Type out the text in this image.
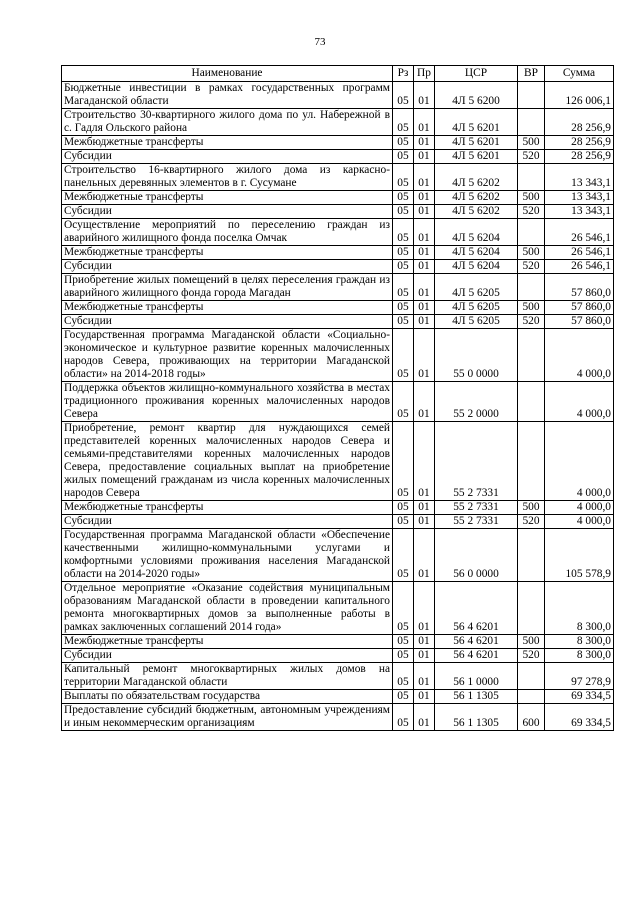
73
Наименование	Рз	Пр	ЦСР	ВР	Сумма
Бюджетные инвестиции в рамках государственных программ Магаданской области	05	01	4Л 5 6200		126 006,1
Строительство 30-квартирного жилого дома по ул. Набережной в с. Гадля Ольского района	05	01	4Л 5 6201		28 256,9
Межбюджетные трансферты	05	01	4Л 5 6201	500	28 256,9
Субсидии	05	01	4Л 5 6201	520	28 256,9
Строительство 16-квартирного жилого дома из каркасно-панельных деревянных элементов в г. Сусумане	05	01	4Л 5 6202		13 343,1
Межбюджетные трансферты	05	01	4Л 5 6202	500	13 343,1
Субсидии	05	01	4Л 5 6202	520	13 343,1
Осуществление мероприятий по переселению граждан из аварийного жилищного фонда поселка Омчак	05	01	4Л 5 6204		26 546,1
Межбюджетные трансферты	05	01	4Л 5 6204	500	26 546,1
Субсидии	05	01	4Л 5 6204	520	26 546,1
Приобретение жилых помещений в целях переселения граждан из аварийного жилищного фонда города Магадан	05	01	4Л 5 6205		57 860,0
Межбюджетные трансферты	05	01	4Л 5 6205	500	57 860,0
Субсидии	05	01	4Л 5 6205	520	57 860,0
Государственная программа Магаданской области «Социально-экономическое и культурное развитие коренных малочисленных народов Севера, проживающих на территории Магаданской области» на 2014-2018 годы»	05	01	55 0 0000		4 000,0
Поддержка объектов жилищно-коммунального хозяйства в местах традиционного проживания коренных малочисленных народов Севера	05	01	55 2 0000		4 000,0
Приобретение, ремонт квартир для нуждающихся семей представителей коренных малочисленных народов Севера и семьями-представителями коренных малочисленных народов Севера, предоставление социальных выплат на приобретение жилых помещений гражданам из числа коренных малочисленных народов Севера	05	01	55 2 7331		4 000,0
Межбюджетные трансферты	05	01	55 2 7331	500	4 000,0
Субсидии	05	01	55 2 7331	520	4 000,0
Государственная программа Магаданской области «Обеспечение качественными жилищно-коммунальными услугами и комфортными условиями проживания населения Магаданской области на 2014-2020 годы»	05	01	56 0 0000		105 578,9
Отдельное мероприятие «Оказание содействия муниципальным образованиям Магаданской области в проведении капитального ремонта многоквартирных домов за выполненные работы в рамках заключенных соглашений 2014 года»	05	01	56 4 6201		8 300,0
Межбюджетные трансферты	05	01	56 4 6201	500	8 300,0
Субсидии	05	01	56 4 6201	520	8 300,0
Капитальный ремонт многоквартирных жилых домов на территории Магаданской области	05	01	56 1 0000		97 278,9
Выплаты по обязательствам государства	05	01	56 1 1305		69 334,5
Предоставление субсидий бюджетным, автономным учреждениям и иным некоммерческим организациям	05	01	56 1 1305	600	69 334,5
